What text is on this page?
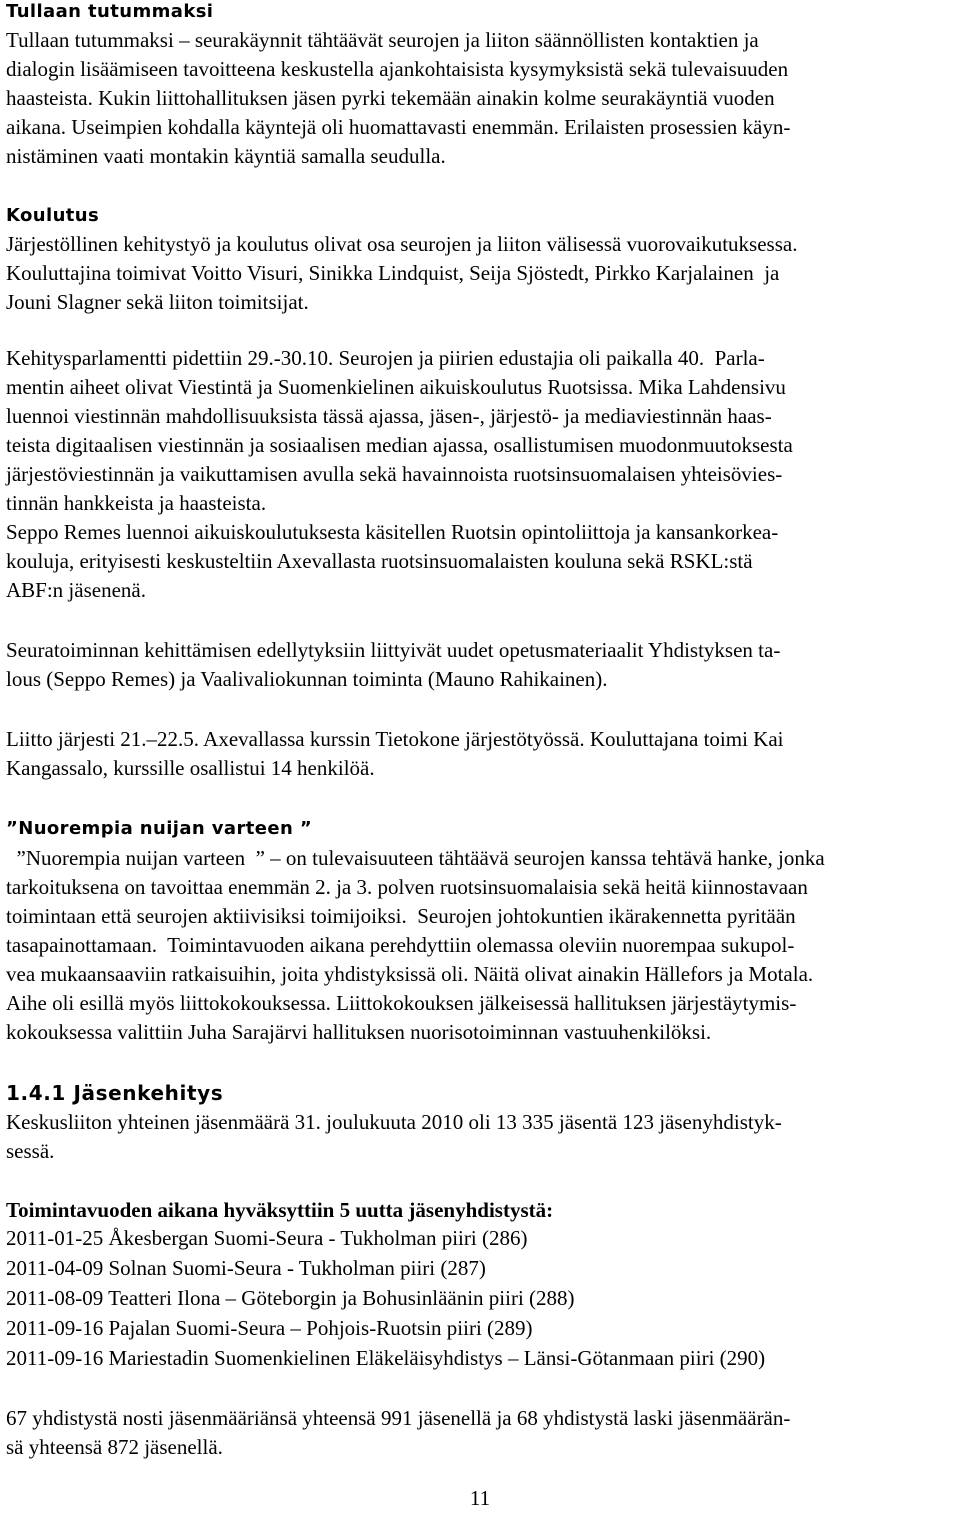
Tullaan tutummaksi
Tullaan tutummaksi – seurakäynnit tähtäävät seurojen ja liiton säännöllisten kontaktien ja
dialogin lisäämiseen tavoitteena keskustella ajankohtaisista kysymyksistä sekä tulevaisuuden
haasteista. Kukin liittohallituksen jäsen pyrki tekemään ainakin kolme seurakäyntiä vuoden
aikana. Useimpien kohdalla käyntejä oli huomattavasti enemmän. Erilaisten prosessien käyn-
nistäminen vaati montakin käyntiä samalla seudulla.
Koulutus
Järjestöllinen kehitystyö ja koulutus olivat osa seurojen ja liiton välisessä vuorovaikutuksessa.
Kouluttajina toimivat Voitto Visuri, Sinikka Lindquist, Seija Sjöstedt, Pirkko Karjalainen  ja
Jouni Slagner sekä liiton toimitsijat.
Kehitysparlamentti pidettiin 29.-30.10. Seurojen ja piirien edustajia oli paikalla 40.  Parla-
mentin aiheet olivat Viestintä ja Suomenkielinen aikuiskoulutus Ruotsissa. Mika Lahdensivu
luennoi viestinnän mahdollisuuksista tässä ajassa, jäsen-, järjestö- ja mediaviestinnän haas-
teista digitaalisen viestinnän ja sosiaalisen median ajassa, osallistumisen muodonmuutoksesta
järjestöviestinnän ja vaikuttamisen avulla sekä havainnoista ruotsinsuomalaisen yhteisövies-
tinnän hankkeista ja haasteista.
Seppo Remes luennoi aikuiskoulutuksesta käsitellen Ruotsin opintoliittoja ja kansankorkea-
kouluja, erityisesti keskusteltiin Axevallasta ruotsinsuomalaisten kouluna sekä RSKL:stä
ABF:n jäsenenä.
Seuratoiminnan kehittämisen edellytyksiin liittyivät uudet opetusmateriaalit Yhdistyksen ta-
lous (Seppo Remes) ja Vaalivaliokunnan toiminta (Mauno Rahikainen).
Liitto järjesti 21.–22.5. Axevallassa kurssin Tietokone järjestötyössä. Kouluttajana toimi Kai
Kangassalo, kurssille osallistui 14 henkilöä.
”Nuorempia nuijan varteen ”
”Nuorempia nuijan varteen  ” – on tulevaisuuteen tähtäävä seurojen kanssa tehtävä hanke, jonka
tarkoituksena on tavoittaa enemmän 2. ja 3. polven ruotsinsuomalaisia sekä heitä kiinnostavaan
toimintaan että seurojen aktiivisiksi toimijoiksi.  Seurojen johtokuntien ikärakennetta pyritään
tasapainottamaan.  Toimintavuoden aikana perehdyttiin olemassa oleviin nuorempaa sukupol-
vea mukaansaaviin ratkaisuihin, joita yhdistyksissä oli. Näitä olivat ainakin Hällefors ja Motala.
Aihe oli esillä myös liittokokouksessa. Liittokokouksen jälkeisessä hallituksen järjestäytymis-
kokouksessa valittiin Juha Sarajärvi hallituksen nuorisotoiminnan vastuuhenkilöksi.
1.4.1 Jäsenkehitys
Keskusliiton yhteinen jäsenmäärä 31. joulukuuta 2010 oli 13 335 jäsentä 123 jäsenyhdistyk-
sessä.
Toimintavuoden aikana hyväksyttiin 5 uutta jäsenyhdistystä:
2011-01-25 Åkesbergan Suomi-Seura - Tukholman piiri (286)
2011-04-09 Solnan Suomi-Seura - Tukholman piiri (287)
2011-08-09 Teatteri Ilona – Göteborgin ja Bohusinläänin piiri (288)
2011-09-16 Pajalan Suomi-Seura – Pohjois-Ruotsin piiri (289)
2011-09-16 Mariestadin Suomenkielinen Eläkeläisyhdistys – Länsi-Götanmaan piiri (290)
67 yhdistystä nosti jäsenmääriänsä yhteensä 991 jäsenellä ja 68 yhdistystä laski jäsenmäärän-
sä yhteensä 872 jäsenellä.
11
